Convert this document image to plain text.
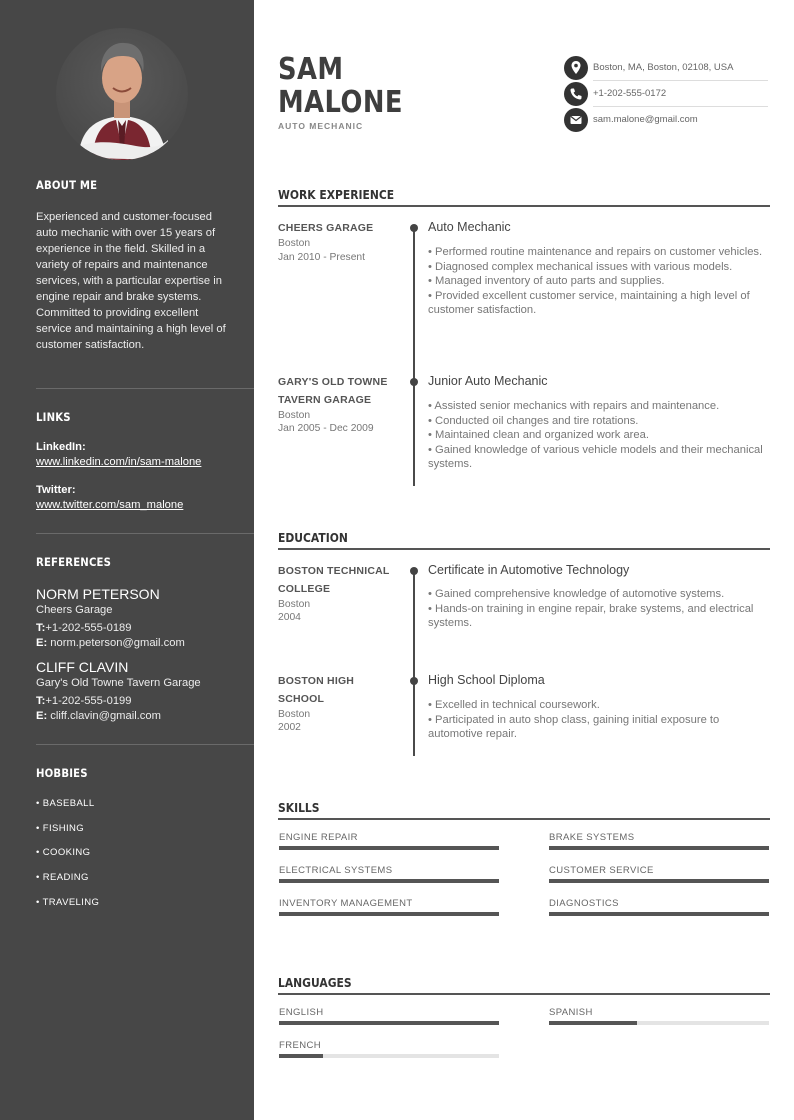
ABOUT ME
Experienced and customer-focused auto mechanic with over 15 years of experience in the field. Skilled in a variety of repairs and maintenance services, with a particular expertise in engine repair and brake systems. Committed to providing excellent service and maintaining a high level of customer satisfaction.
LINKS
LinkedIn:
www.linkedin.com/in/sam-malone
Twitter:
www.twitter.com/sam_malone
REFERENCES
NORM PETERSON
Cheers Garage
T:+1-202-555-0189
E: norm.peterson@gmail.com
CLIFF CLAVIN
Gary's Old Towne Tavern Garage
T:+1-202-555-0199
E: cliff.clavin@gmail.com
HOBBIES
• BASEBALL
• FISHING
• COOKING
• READING
• TRAVELING
SAM
MALONE
AUTO MECHANIC
Boston, MA, Boston, 02108, USA
+1-202-555-0172
sam.malone@gmail.com
WORK EXPERIENCE
CHEERS GARAGE
Boston
Jan 2010 - Present
Auto Mechanic
• Performed routine maintenance and repairs on customer vehicles.
• Diagnosed complex mechanical issues with various models.
• Managed inventory of auto parts and supplies.
• Provided excellent customer service, maintaining a high level of customer satisfaction.
GARY'S OLD TOWNE TAVERN GARAGE
Boston
Jan 2005 - Dec 2009
Junior Auto Mechanic
• Assisted senior mechanics with repairs and maintenance.
• Conducted oil changes and tire rotations.
• Maintained clean and organized work area.
• Gained knowledge of various vehicle models and their mechanical systems.
EDUCATION
BOSTON TECHNICAL COLLEGE
Boston
2004
Certificate in Automotive Technology
• Gained comprehensive knowledge of automotive systems.
• Hands-on training in engine repair, brake systems, and electrical systems.
BOSTON HIGH SCHOOL
Boston
2002
High School Diploma
• Excelled in technical coursework.
• Participated in auto shop class, gaining initial exposure to automotive repair.
SKILLS
ENGINE REPAIR	BRAKE SYSTEMS
ELECTRICAL SYSTEMS	CUSTOMER SERVICE
INVENTORY MANAGEMENT	DIAGNOSTICS
LANGUAGES
ENGLISH	SPANISH
FRENCH
